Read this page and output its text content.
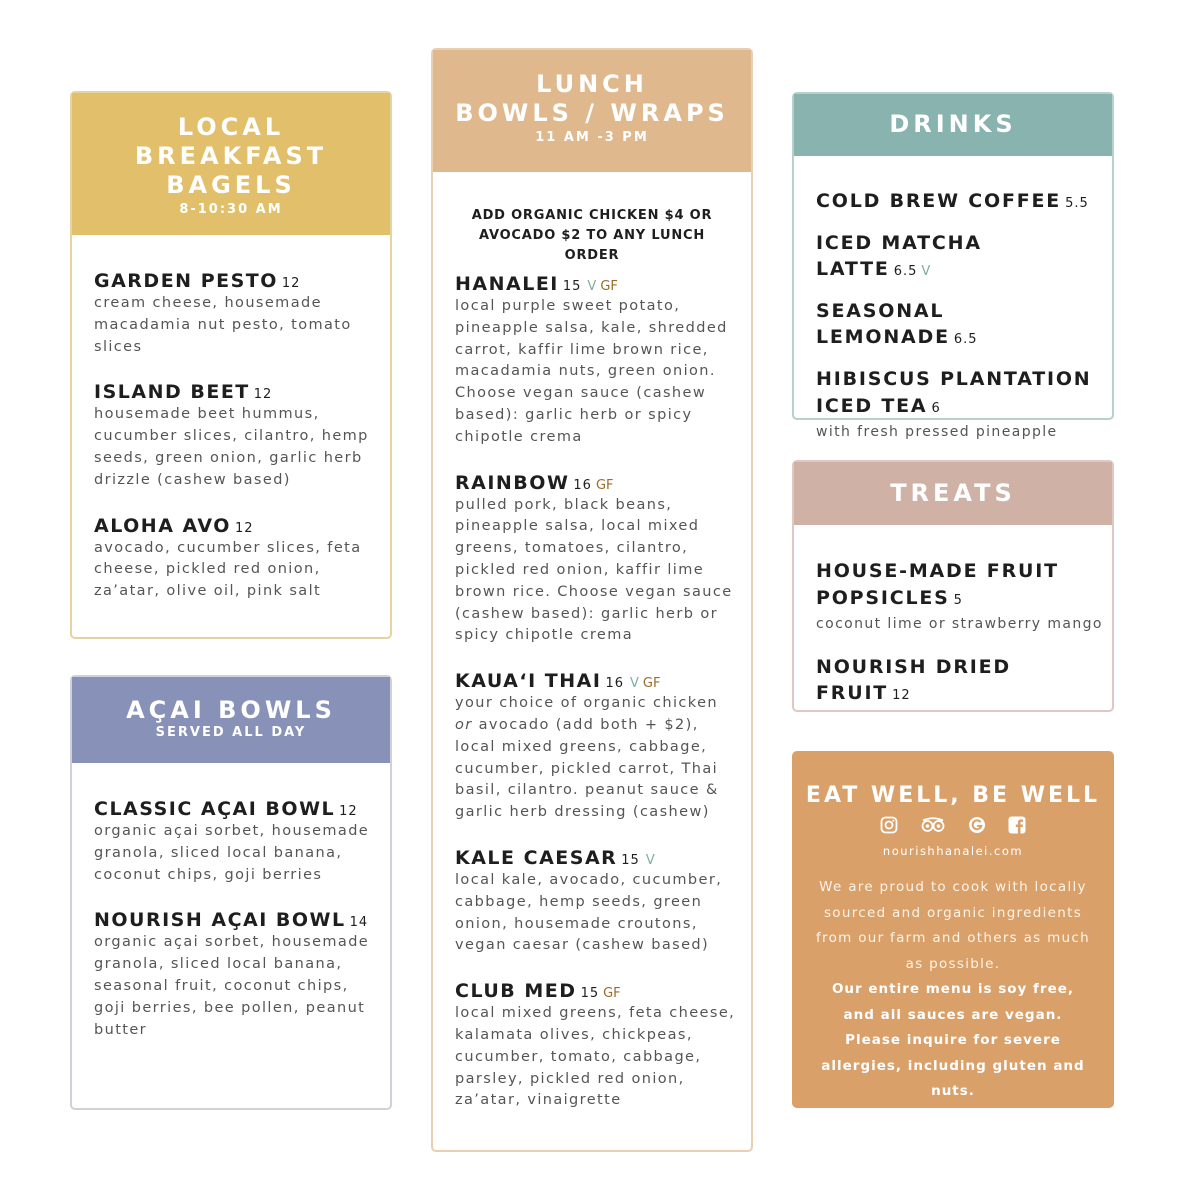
LOCAL
BREAKFAST
BAGELS
8-10:30 AM
GARDEN PESTO 12
cream cheese, housemade macadamia nut pesto, tomato slices
ISLAND BEET 12
housemade beet hummus, cucumber slices, cilantro, hemp seeds, green onion, garlic herb drizzle (cashew based)
ALOHA AVO 12
avocado, cucumber slices, feta cheese, pickled red onion, za’atar, olive oil, pink salt
AÇAI BOWLS
SERVED ALL DAY
CLASSIC AÇAI BOWL 12
organic açai sorbet, housemade granola, sliced local banana, coconut chips, goji berries
NOURISH AÇAI BOWL 14
organic açai sorbet, housemade granola, sliced local banana, seasonal fruit, coconut chips, goji berries, bee pollen, peanut butter
LUNCH
BOWLS / WRAPS
11 AM -3 PM
ADD ORGANIC CHICKEN $4 OR AVOCADO $2 TO ANY LUNCH ORDER
HANALEI 15 V GF
local purple sweet potato, pineapple salsa, kale, shredded carrot, kaffir lime brown rice, macadamia nuts, green onion. Choose vegan sauce (cashew based): garlic herb or spicy chipotle crema
RAINBOW 16 GF
pulled pork, black beans, pineapple salsa, local mixed greens, tomatoes, cilantro, pickled red onion, kaffir lime brown rice. Choose vegan sauce (cashew based): garlic herb or spicy chipotle crema
KAUA‘I THAI 16 V GF
your choice of organic chicken or avocado (add both + $2), local mixed greens, cabbage, cucumber, pickled carrot, Thai basil, cilantro. peanut sauce & garlic herb dressing (cashew)
KALE CAESAR 15 V
local kale, avocado, cucumber, cabbage, hemp seeds, green onion, housemade croutons, vegan caesar (cashew based)
CLUB MED 15 GF
local mixed greens, feta cheese, kalamata olives, chickpeas, cucumber, tomato, cabbage, parsley, pickled red onion, za’atar, vinaigrette
DRINKS
COLD BREW COFFEE 5.5
ICED MATCHA LATTE 6.5 V
SEASONAL LEMONADE 6.5
HIBISCUS PLANTATION ICED TEA 6
with fresh pressed pineapple
TREATS
HOUSE-MADE FRUIT POPSICLES 5
coconut lime or strawberry mango
NOURISH DRIED FRUIT 12
EAT WELL, BE WELL
nourishhanalei.com
We are proud to cook with locally sourced and organic ingredients from our farm and others as much as possible.
Our entire menu is soy free, and all sauces are vegan. Please inquire for severe allergies, including gluten and nuts.
